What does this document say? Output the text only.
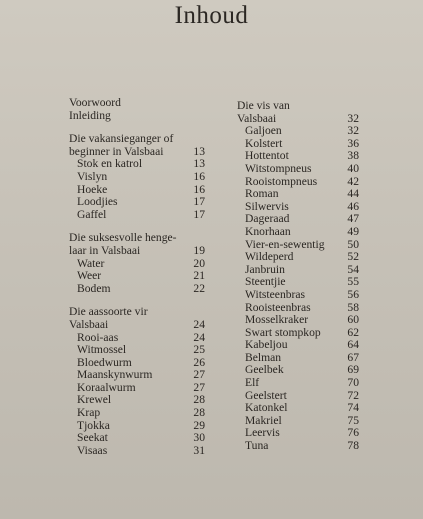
Inhoud
Voorwoord
Inleiding
Die vakansieganger of
beginner in Valsbaai	13
Stok en katrol	13
Vislyn	16
Hoeke	16
Loodjies	17
Gaffel	17
Die suksesvolle henge-
laar in Valsbaai	19
Water	20
Weer	21
Bodem	22
Die aassoorte vir
Valsbaai	24
Rooi-aas	24
Witmossel	25
Bloedwurm	26
Maanskynwurm	27
Koraalwurm	27
Krewel	28
Krap	28
Tjokka	29
Seekat	30
Visaas	31
Die vis van
Valsbaai	32
Galjoen	32
Kolstert	36
Hottentot	38
Witstompneus	40
Rooistompneus	42
Roman	44
Silwervis	46
Dageraad	47
Knorhaan	49
Vier-en-sewentig 50
Wildeperd	52
Janbruin	54
Steentjie	55
Witsteenbras	56
Rooisteenbras	58
Mosselkraker	60
Swart stompkop 62
Kabeljou	64
Belman	67
Geelbek	69
Elf	70
Geelstert	72
Katonkel	74
Makriel	75
Leervis	76
Tuna	78
